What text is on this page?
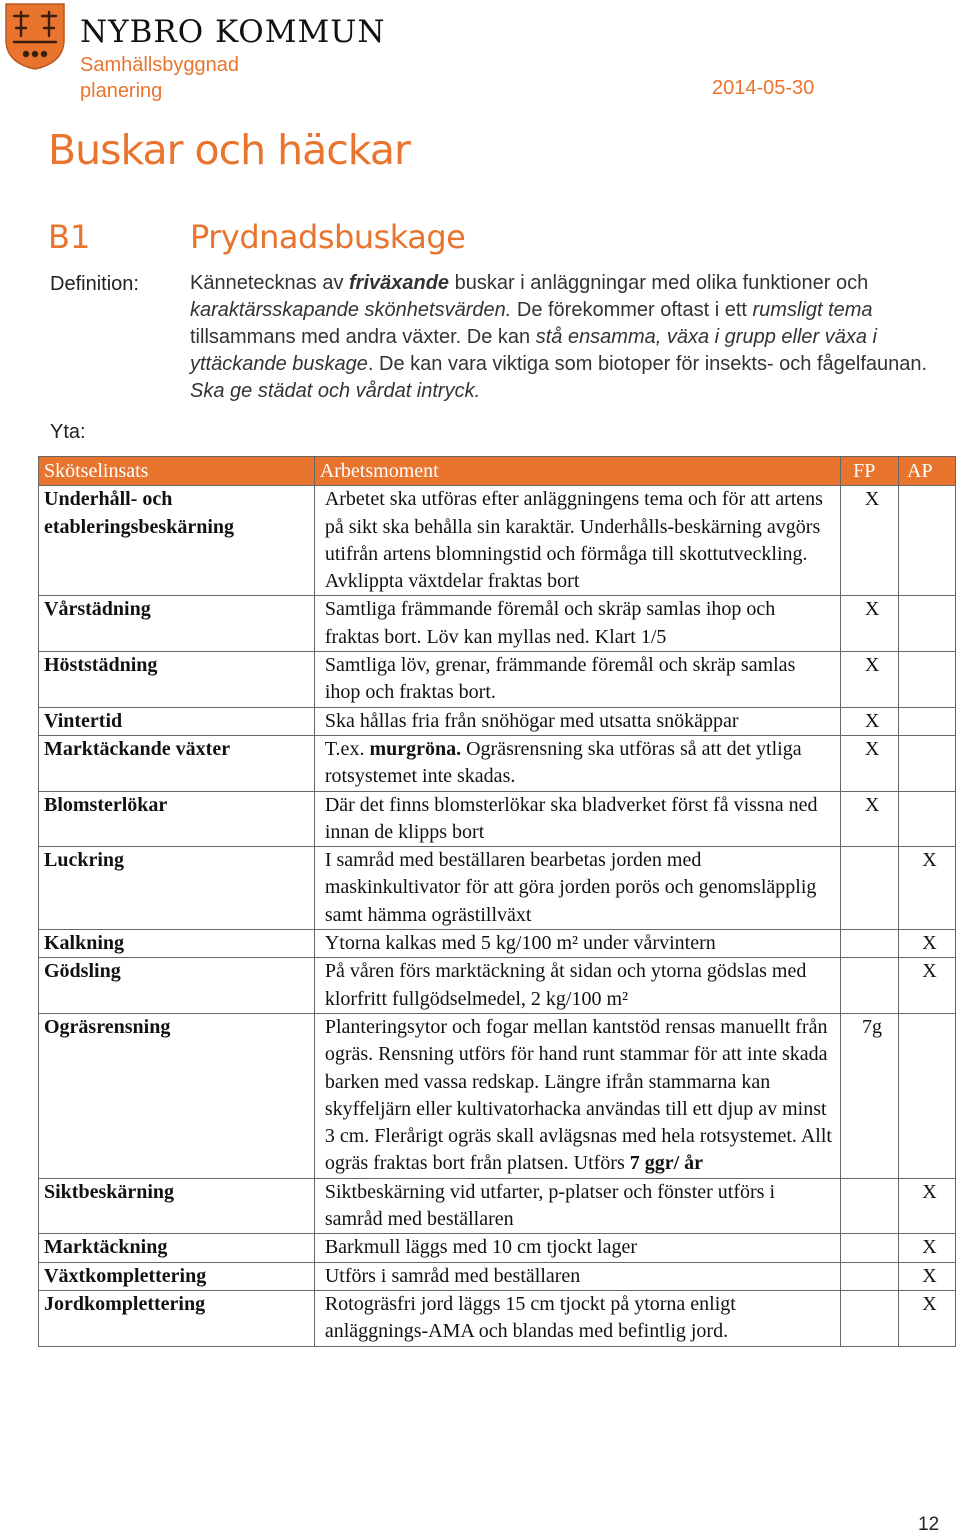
NYBRO KOMMUN
Samhällsbyggnad
planering	2014-05-30
Buskar och häckar
B1	Prydnadsbuskage
Definition:	Kännetecknas av friväxande buskar i anläggningar med olika funktioner och karaktärsskapande skönhetsvärden. De förekommer oftast i ett rumsligt tema tillsammans med andra växter. De kan stå ensamma, växa i grupp eller växa i yttäckande buskage. De kan vara viktiga som biotoper för insekts- och fågelfaunan. Ska ge städat och vårdat intryck.
Yta:
Skötselinsats	Arbetsmoment	FP	AP
Underhåll- och etableringsbeskärning	Arbetet ska utföras efter anläggningens tema och för att artens på sikt ska behålla sin karaktär. Underhålls-beskärning avgörs utifrån artens blomningstid och förmåga till skottutveckling. Avklippta växtdelar fraktas bort	X	
Vårstädning	Samtliga främmande föremål och skräp samlas ihop och fraktas bort. Löv kan myllas ned. Klart 1/5	X	
Höststädning	Samtliga löv, grenar, främmande föremål och skräp samlas ihop och fraktas bort.	X	
Vintertid	Ska hållas fria från snöhögar med utsatta snökäppar	X	
Marktäckande växter	T.ex. murgröna. Ogräsrensning ska utföras så att det ytliga rotsystemet inte skadas.	X	
Blomsterlökar	Där det finns blomsterlökar ska bladverket först få vissna ned innan de klipps bort	X	
Luckring	I samråd med beställaren bearbetas jorden med maskinkultivator för att göra jorden porös och genomsläpplig samt hämma ogrästillväxt		X
Kalkning	Ytorna kalkas med 5 kg/100 m² under vårvintern		X
Gödsling	På våren förs marktäckning åt sidan och ytorna gödslas med klorfritt fullgödselmedel, 2 kg/100 m²		X
Ogräsrensning	Planteringsytor och fogar mellan kantstöd rensas manuellt från ogräs. Rensning utförs för hand runt stammar för att inte skada barken med vassa redskap. Längre ifrån stammarna kan skyffeljärn eller kultivatorhacka användas till ett djup av minst 3 cm. Flerårigt ogräs skall avlägsnas med hela rotsystemet. Allt ogräs fraktas bort från platsen. Utförs 7 ggr/ år	7g	
Siktbeskärning	Siktbeskärning vid utfarter, p-platser och fönster utförs i samråd med beställaren		X
Marktäckning	Barkmull läggs med 10 cm tjockt lager		X
Växtkomplettering	Utförs i samråd med beställaren		X
Jordkomplettering	Rotogräsfri jord läggs 15 cm tjockt på ytorna enligt anläggnings-AMA och blandas med befintlig jord.		X
12
